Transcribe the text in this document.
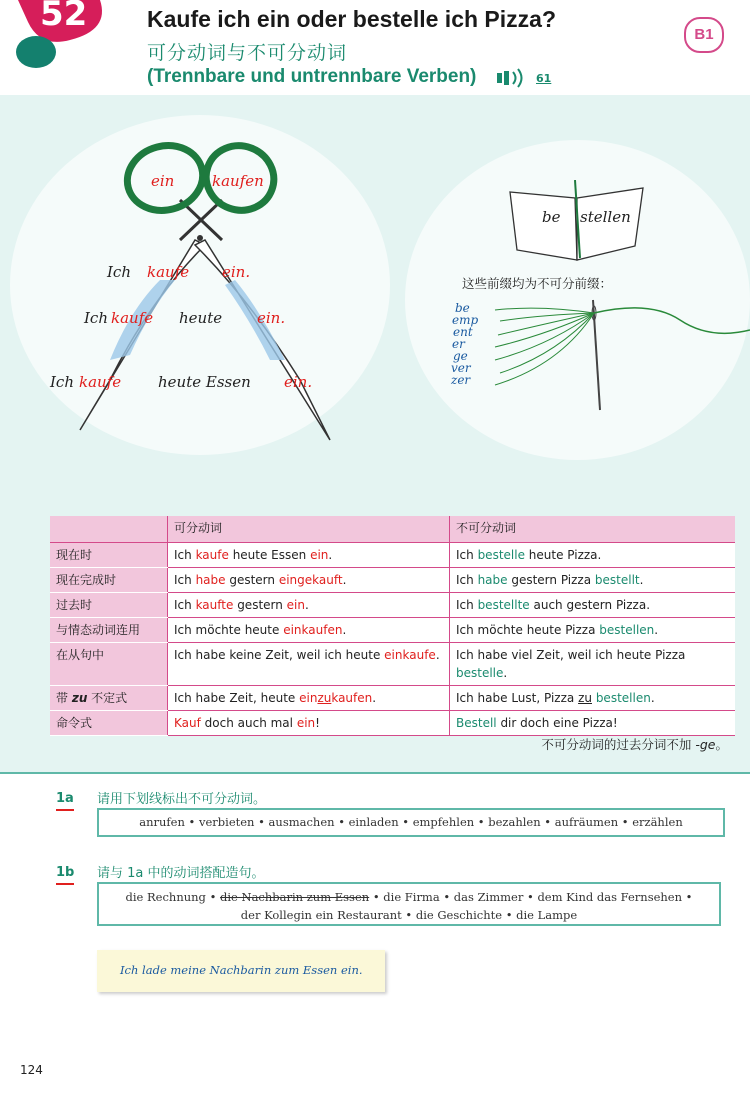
52	Kaufe ich ein oder bestelle ich Pizza?
可分动词与不可分动词
(Trennbare und untrennbare Verben)	61
B1
ein	kaufen
Ich kaufe ein.
Ich kaufe heute ein.
Ich kaufe heute Essen ein.
be stellen
这些前缀均为不可分前缀：
be
emp
ent
er
ge
ver
zer
	可分动词	不可分动词
现在时	Ich kaufe heute Essen ein.	Ich bestelle heute Pizza.
现在完成时	Ich habe gestern eingekauft.	Ich habe gestern Pizza bestellt.
过去时	Ich kaufte gestern ein.	Ich bestellte auch gestern Pizza.
与情态动词连用	Ich möchte heute einkaufen.	Ich möchte heute Pizza bestellen.
在从句中	Ich habe keine Zeit, weil ich heute einkaufe.	Ich habe viel Zeit, weil ich heute Pizza bestelle.
带 zu 不定式	Ich habe Zeit, heute einzukaufen.	Ich habe Lust, Pizza zu bestellen.
命令式	Kauf doch auch mal ein!	Bestell dir doch eine Pizza!
不可分动词的过去分词不加 -ge。
1a 请用下划线标出不可分动词。
anrufen • verbieten • ausmachen • einladen • empfehlen • bezahlen • aufräumen • erzählen
1b 请与 1a 中的动词搭配造句。
die Rechnung • die Nachbarin zum Essen • die Firma • das Zimmer • dem Kind das Fernsehen •
der Kollegin ein Restaurant • die Geschichte • die Lampe
Ich lade meine Nachbarin zum Essen ein.
124
